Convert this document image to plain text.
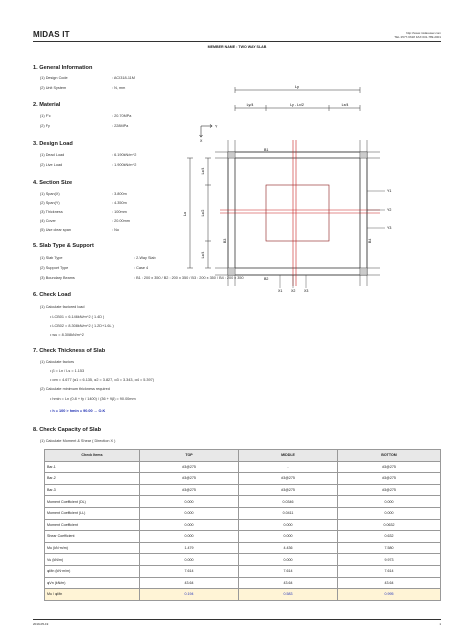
MIDAS IT	http://www.midasuser.com
TEL:1577-6618 FAX:031-789-2001
MEMBER NAME : TWO WAY SLAB
1. General Information
(1) Design Code	: ACI318-11M
(2) Unit System	: N, mm
2. Material
(1) F′c	: 20.70MPa
(2) Fy	: 228MPa
3. Design Load
(1) Dead Load	: 6.190kN/m^2
(2) Live Load	: 1.900kN/m^2
4. Section Size
(1) Span(X)	: 3.800m
(2) Span(Y)	: 4.350m
(3) Thickness	: 100mm
(4) Cover	: 20.00mm
(5) Use clear span	: No
5. Slab Type & Support
(1) Slab Type	: 2-Way Slab
(2) Support Type	: Case 4
(3) Boundary Beams	: B1 : 200 x 350 / B2 : 200 x 350 / B3 : 200 x 350 / B4 : 200 x 350
6. Check Load
(1) Calculate factored load
• LCB01 = 6.146kN/m^2 ( 1.4D )
• LCB02 = 8.308kN/m^2 ( 1.2D+1.6L )
• wu = 8.308kN/m^2
7. Check Thickness of Slab
(1) Calculate factors
• β = Ln / Ls = 1.153
• αm = 4.677 (α1 = 6.135, α2 = 3.827, α3 = 3.343, α4 = 5.397)
(2) Calculate minimum thickness required
• hmin = Ln (0.8 + fy / 1400) / (36 + 9β) = 90.00mm
• h = 100 > hmin = 90.00 → O.K
8. Check Capacity of Slab
(1) Calculate Moment & Shear ( Direction X )
Check Items	TOP	MIDDLE	BOTTOM
Bar-1	#3@275	-	#3@275
Bar-2	#3@275	#3@275	#3@275
Bar-3	#3@275	#3@275	#3@275
Moment Coefficient (DL)	0.000	0.0346	0.000
Moment Coefficient (LL)	0.000	0.0411	0.000
Moment Coefficient	0.000	0.000	0.0632
Shear Coefficient	0.000	0.000	0.632
Mu (kN·m/m)	1.479	4.436	7.580
Vu (kN/m)	0.000	0.000	9.973
φMn (kN·m/m)	7.614	7.614	7.614
φVn (kN/m)	43.64	43.64	43.64
Mu / φMn	0.194	0.583	0.995
Ly
Ly/4	Ly - Lx/2	Lx/4
Lx
Lx/4
Lx/2
Lx/4
Y
X
Y1
Y2
Y3
X1 X2 X3
B1
B2
B3	B4
2019-05-19	1
